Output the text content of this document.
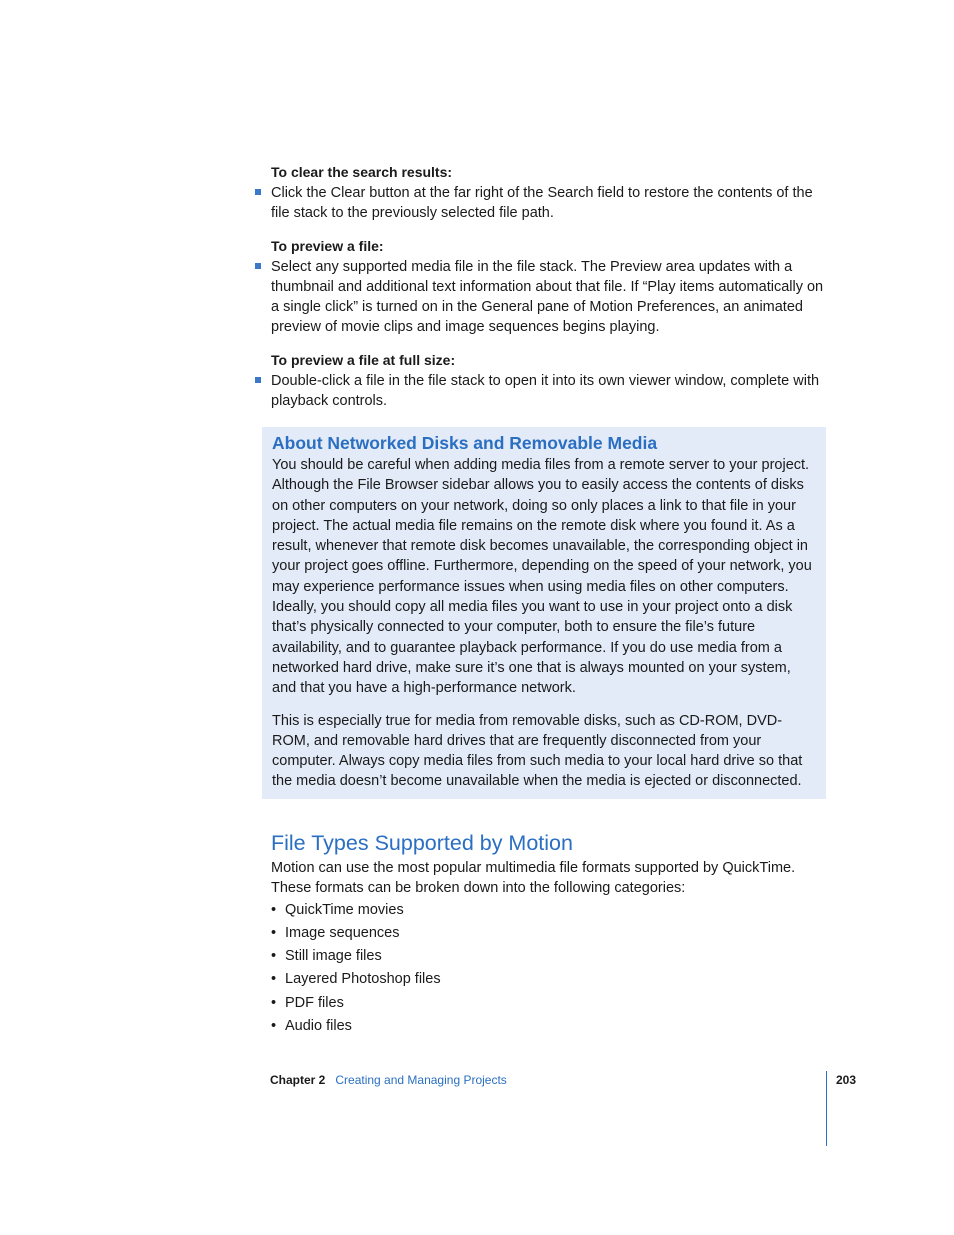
To clear the search results:

Click the Clear button at the far right of the Search field to restore the contents of the file stack to the previously selected file path.

To preview a file:

Select any supported media file in the file stack. The Preview area updates with a thumbnail and additional text information about that file. If “Play items automatically on a single click” is turned on in the General pane of Motion Preferences, an animated preview of movie clips and image sequences begins playing.

To preview a file at full size:

Double-click a file in the file stack to open it into its own viewer window, complete with playback controls.

About Networked Disks and Removable Media

You should be careful when adding media files from a remote server to your project. Although the File Browser sidebar allows you to easily access the contents of disks on other computers on your network, doing so only places a link to that file in your project. The actual media file remains on the remote disk where you found it. As a result, whenever that remote disk becomes unavailable, the corresponding object in your project goes offline. Furthermore, depending on the speed of your network, you may experience performance issues when using media files on other computers. Ideally, you should copy all media files you want to use in your project onto a disk that’s physically connected to your computer, both to ensure the file’s future availability, and to guarantee playback performance. If you do use media from a networked hard drive, make sure it’s one that is always mounted on your system, and that you have a high-performance network.

This is especially true for media from removable disks, such as CD-ROM, DVD-ROM, and removable hard drives that are frequently disconnected from your computer. Always copy media files from such media to your local hard drive so that the media doesn’t become unavailable when the media is ejected or disconnected.

File Types Supported by Motion

Motion can use the most popular multimedia file formats supported by QuickTime. These formats can be broken down into the following categories:

• QuickTime movies
• Image sequences
• Still image files
• Layered Photoshop files
• PDF files
• Audio files
Chapter 2 Creating and Managing Projects	203
